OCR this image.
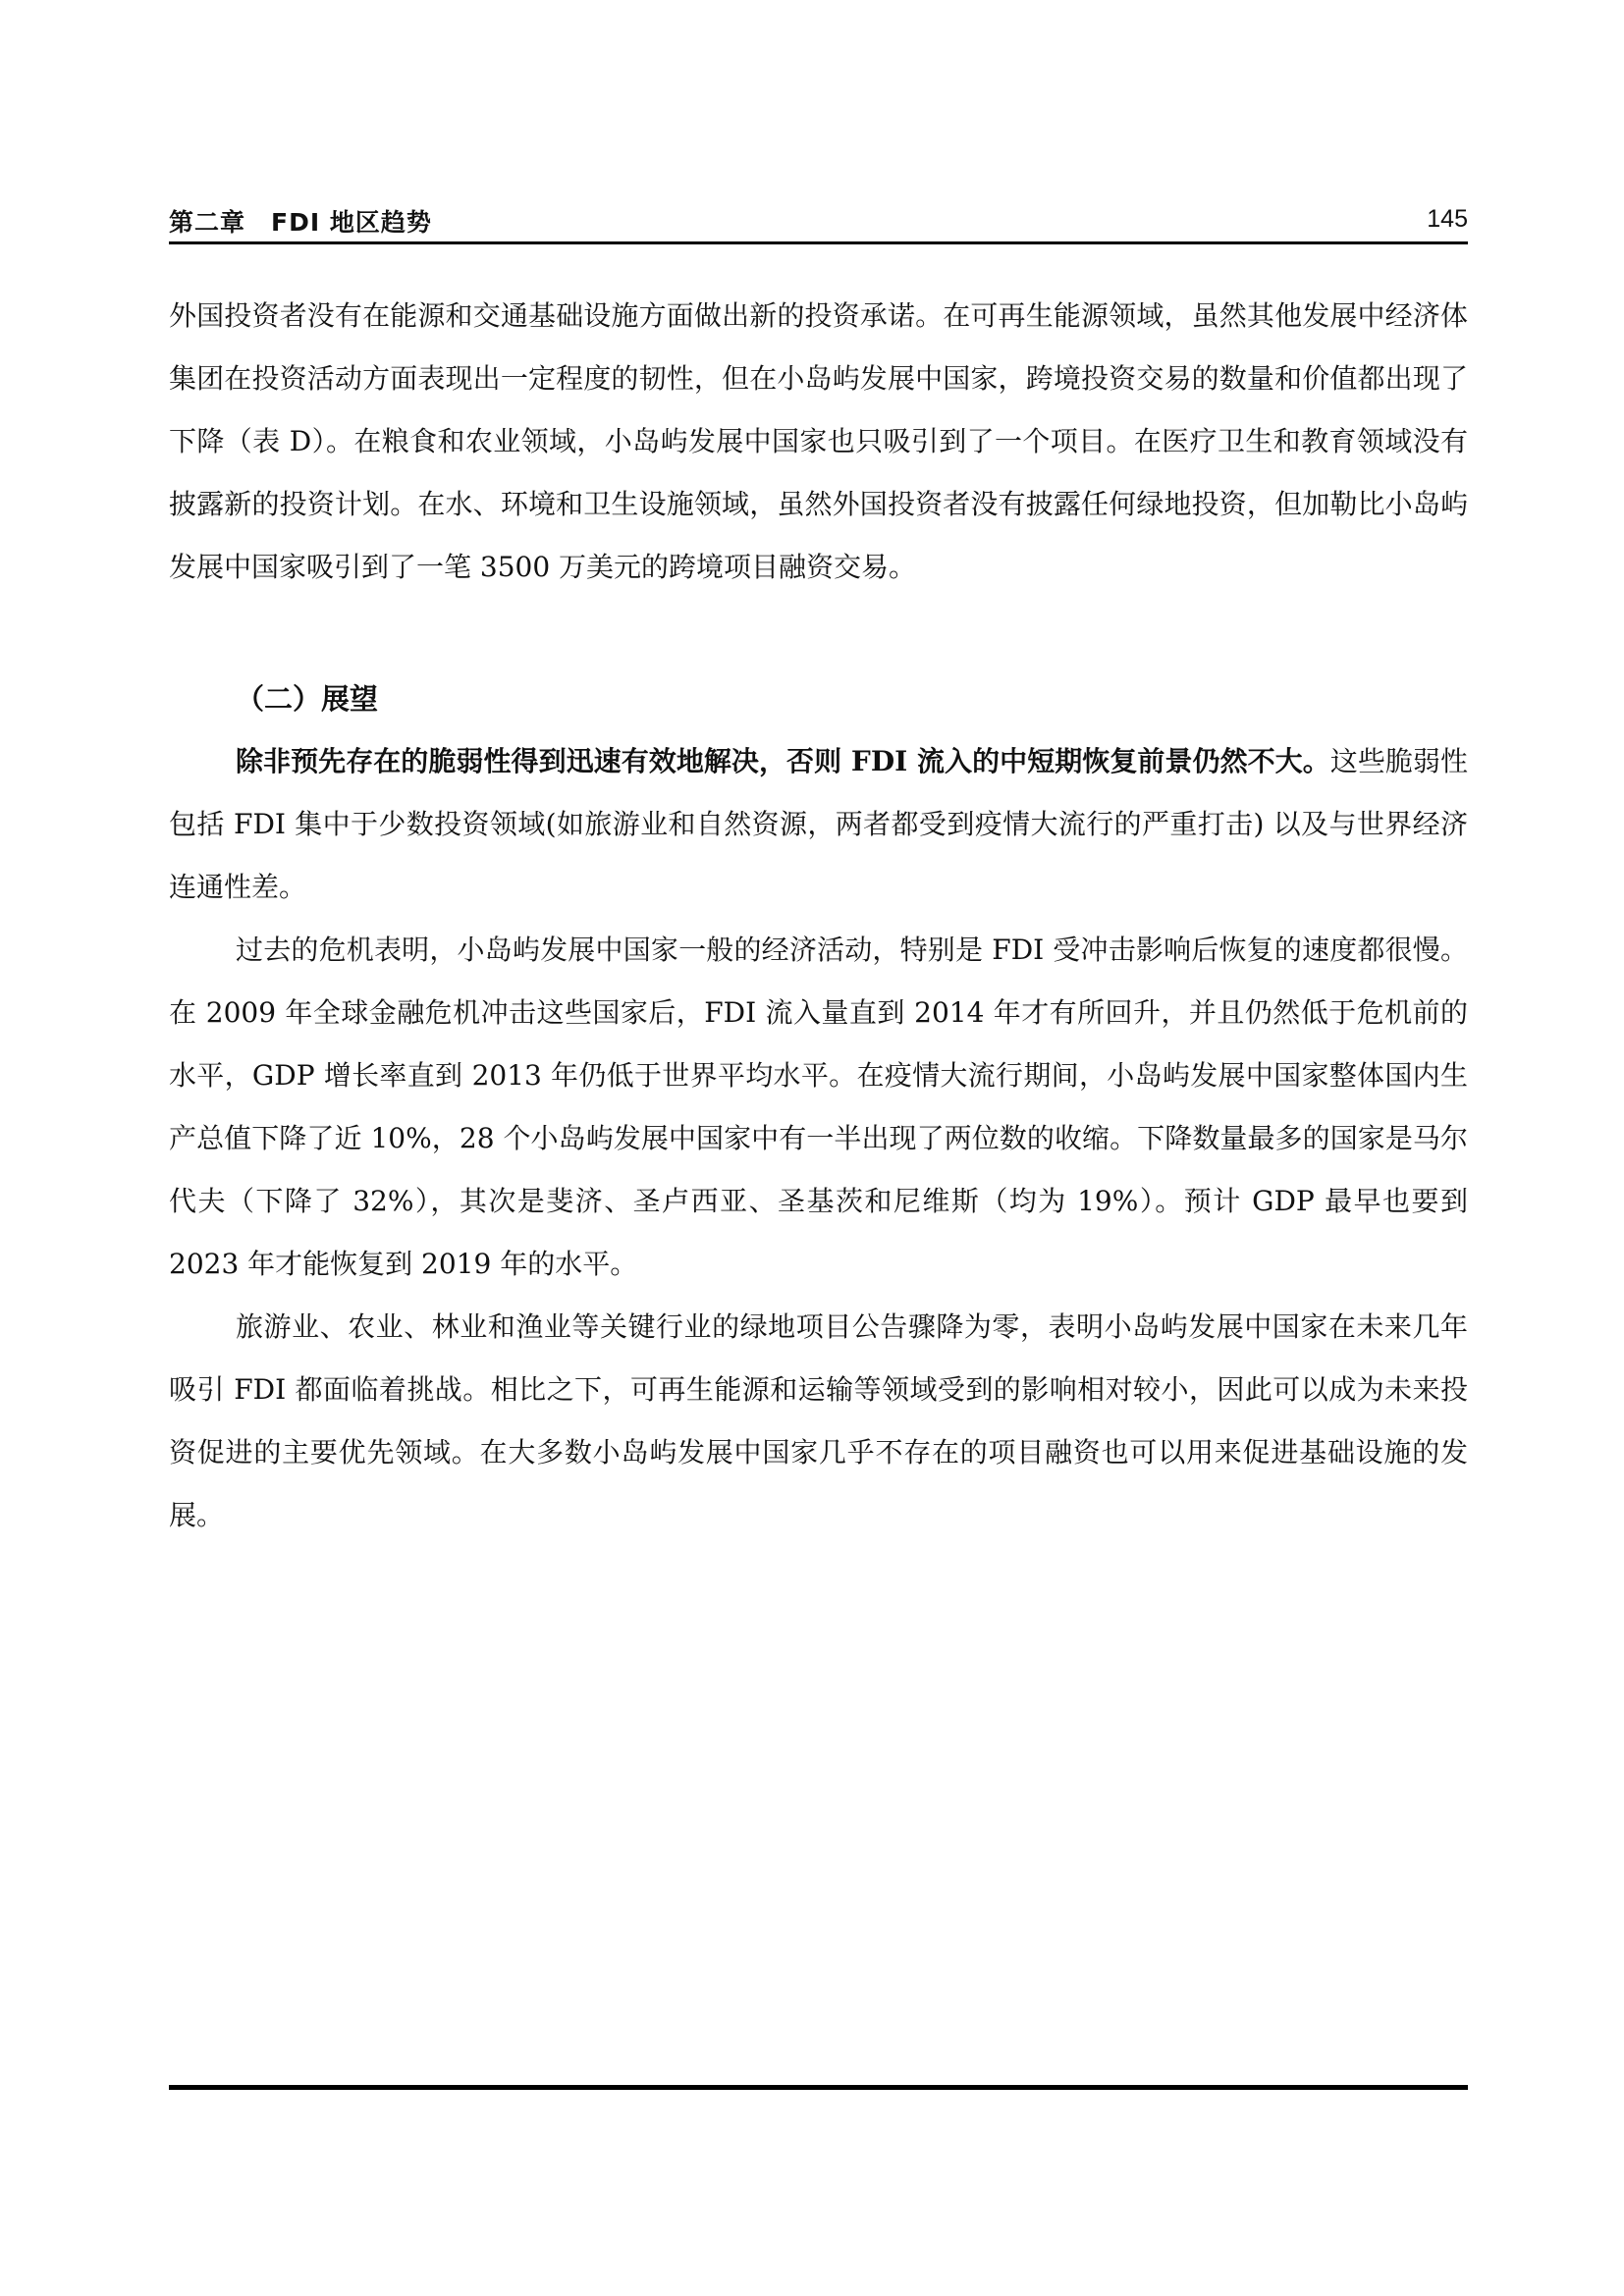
第二章　FDI 地区趋势	145

外国投资者没有在能源和交通基础设施方面做出新的投资承诺。在可再生能源领域，虽然其他发展中经济体集团在投资活动方面表现出一定程度的韧性，但在小岛屿发展中国家，跨境投资交易的数量和价值都出现了下降（表 D）。在粮食和农业领域，小岛屿发展中国家也只吸引到了一个项目。在医疗卫生和教育领域没有披露新的投资计划。在水、环境和卫生设施领域，虽然外国投资者没有披露任何绿地投资，但加勒比小岛屿发展中国家吸引到了一笔 3500 万美元的跨境项目融资交易。

（二）展望

除非预先存在的脆弱性得到迅速有效地解决，否则 FDI 流入的中短期恢复前景仍然不大。这些脆弱性包括 FDI 集中于少数投资领域(如旅游业和自然资源，两者都受到疫情大流行的严重打击) 以及与世界经济连通性差。

过去的危机表明，小岛屿发展中国家一般的经济活动，特别是 FDI 受冲击影响后恢复的速度都很慢。在 2009 年全球金融危机冲击这些国家后，FDI 流入量直到 2014 年才有所回升，并且仍然低于危机前的水平，GDP 增长率直到 2013 年仍低于世界平均水平。在疫情大流行期间，小岛屿发展中国家整体国内生产总值下降了近 10%，28 个小岛屿发展中国家中有一半出现了两位数的收缩。下降数量最多的国家是马尔代夫（下降了 32%），其次是斐济、圣卢西亚、圣基茨和尼维斯（均为 19%）。预计 GDP 最早也要到 2023 年才能恢复到 2019 年的水平。

旅游业、农业、林业和渔业等关键行业的绿地项目公告骤降为零，表明小岛屿发展中国家在未来几年吸引 FDI 都面临着挑战。相比之下，可再生能源和运输等领域受到的影响相对较小，因此可以成为未来投资促进的主要优先领域。在大多数小岛屿发展中国家几乎不存在的项目融资也可以用来促进基础设施的发展。
